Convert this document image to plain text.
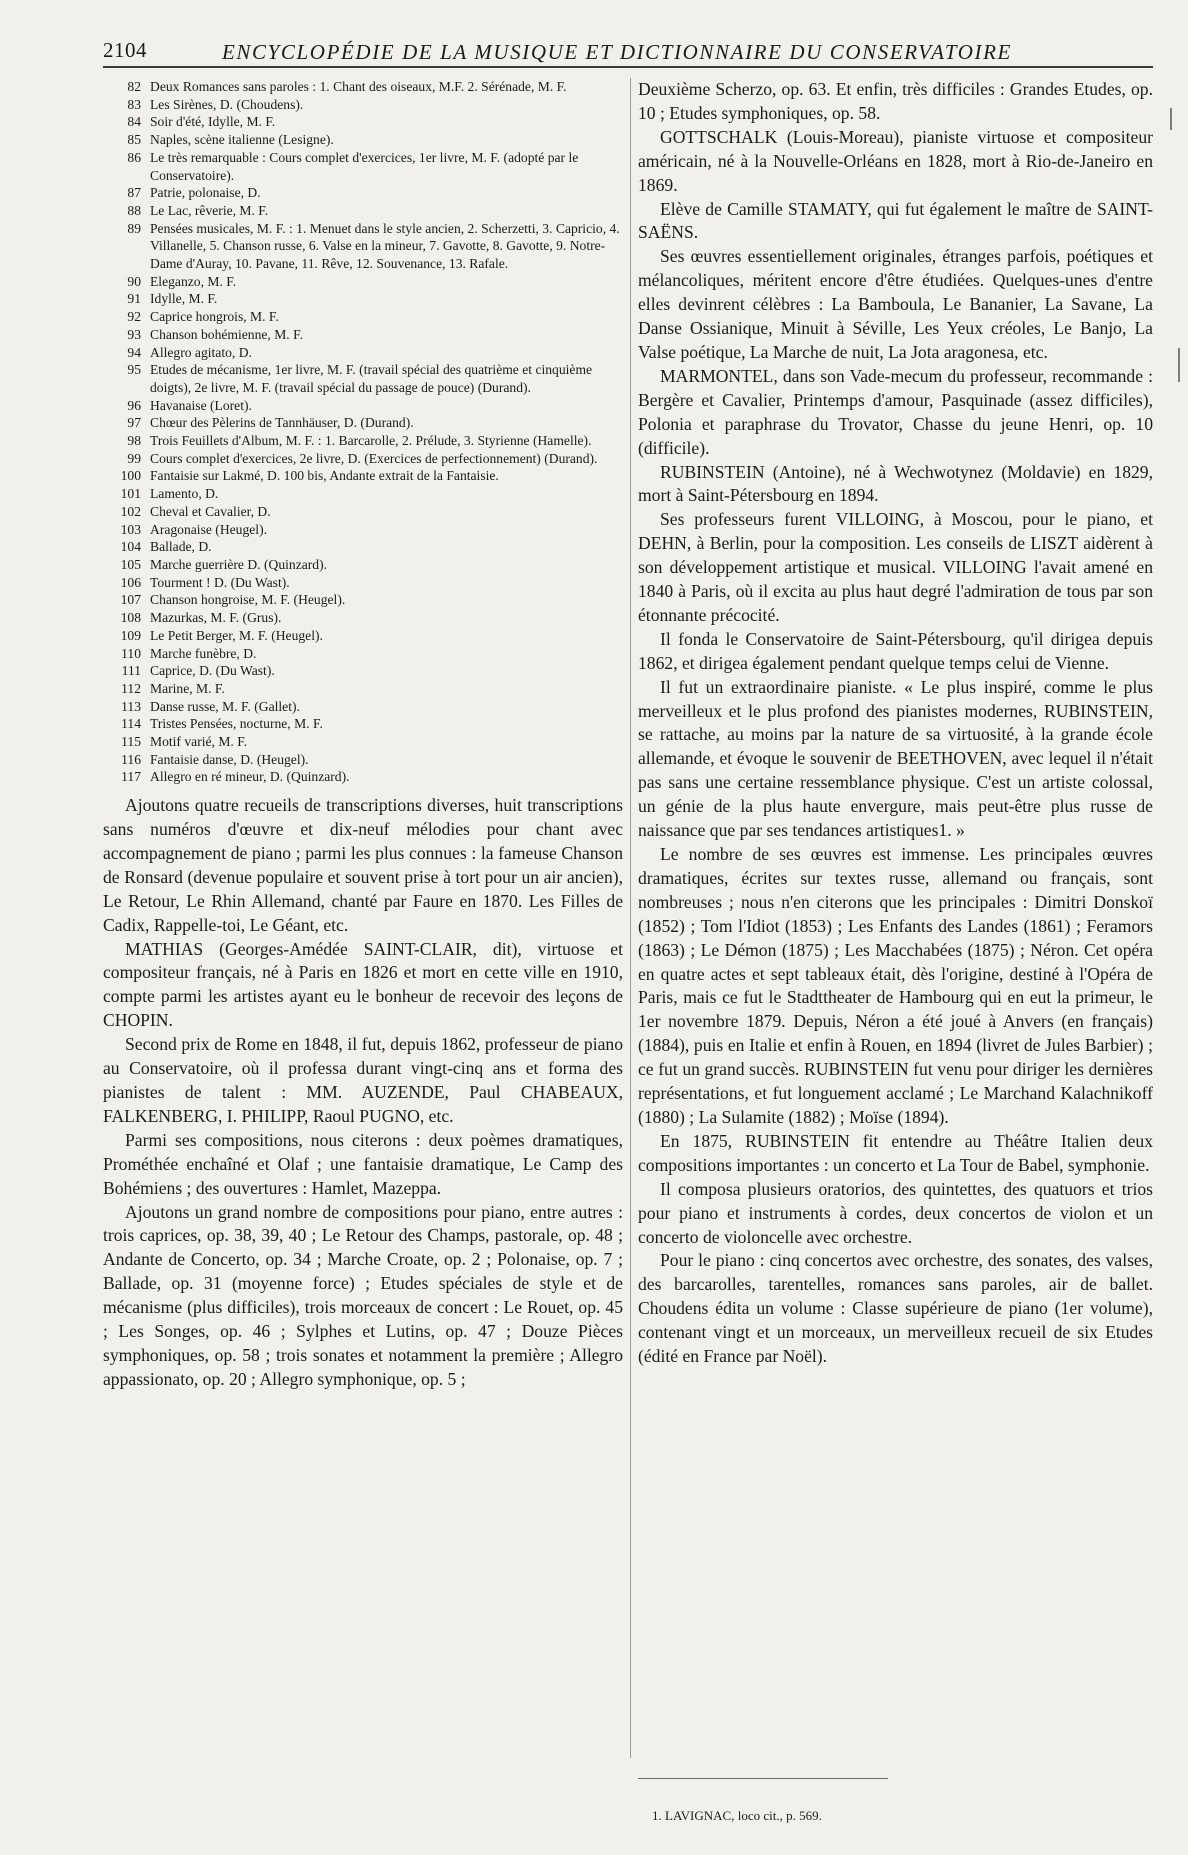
2104	ENCYCLOPÉDIE DE LA MUSIQUE ET DICTIONNAIRE DU CONSERVATOIRE
82 Deux Romances sans paroles : 1. Chant des oiseaux, M.F. 2. Sérénade, M. F.
83 Les Sirènes, D. (Choudens).
84 Soir d'été, Idylle, M. F.
85 Naples, scène italienne (Lesigne).
86 Le très remarquable : Cours complet d'exercices, 1er livre, M. F. (adopté par le Conservatoire).
87 Patrie, polonaise, D.
88 Le Lac, rêverie, M. F.
89 Pensées musicales, M. F. : 1. Menuet dans le style ancien, 2. Scherzetti, 3. Capricio, 4. Villanelle, 5. Chanson russe, 6. Valse en la mineur, 7. Gavotte, 8. Gavotte, 9. Notre-Dame d'Auray, 10. Pavane, 11. Rêve, 12. Souvenance, 13. Rafale.
90 Eleganzo, M. F.
91 Idylle, M. F.
92 Caprice hongrois, M. F.
93 Chanson bohémienne, M. F.
94 Allegro agitato, D.
95 Etudes de mécanisme, 1er livre, M. F. (travail spécial des quatrième et cinquième doigts), 2e livre, M. F. (travail spécial du passage de pouce) (Durand).
96 Havanaise (Loret).
97 Chœur des Pèlerins de Tannhäuser, D. (Durand).
98 Trois Feuillets d'Album, M. F. : 1. Barcarolle, 2. Prélude, 3. Styrienne (Hamelle).
99 Cours complet d'exercices, 2e livre, D. (Exercices de perfectionnement) (Durand).
100 Fantaisie sur Lakmé, D. 100 bis, Andante extrait de la Fantaisie.
101 Lamento, D.
102 Cheval et Cavalier, D.
103 Aragonaise (Heugel).
104 Ballade, D.
105 Marche guerrière D. (Quinzard).
106 Tourment ! D. (Du Wast).
107 Chanson hongroise, M. F. (Heugel).
108 Mazurkas, M. F. (Grus).
109 Le Petit Berger, M. F. (Heugel).
110 Marche funèbre, D.
111 Caprice, D. (Du Wast).
112 Marine, M. F.
113 Danse russe, M. F. (Gallet).
114 Tristes Pensées, nocturne, M. F.
115 Motif varié, M. F.
116 Fantaisie danse, D. (Heugel).
117 Allegro en ré mineur, D. (Quinzard).

Ajoutons quatre recueils de transcriptions diverses, huit transcriptions sans numéros d'œuvre et dix-neuf mélodies pour chant avec accompagnement de piano ; parmi les plus connues : la fameuse Chanson de Ronsard (devenue populaire et souvent prise à tort pour un air ancien), Le Retour, Le Rhin Allemand, chanté par Faure en 1870. Les Filles de Cadix, Rappelle-toi, Le Géant, etc.

MATHIAS (Georges-Amédée SAINT-CLAIR, dit), virtuose et compositeur français, né à Paris en 1826 et mort en cette ville en 1910, compte parmi les artistes ayant eu le bonheur de recevoir des leçons de CHOPIN.

Second prix de Rome en 1848, il fut, depuis 1862, professeur de piano au Conservatoire, où il professa durant vingt-cinq ans et forma des pianistes de talent : MM. AUZENDE, Paul CHABEAUX, FALKENBERG, I. PHILIPP, Raoul PUGNO, etc.

Parmi ses compositions, nous citerons : deux poèmes dramatiques, Prométhée enchaîné et Olaf ; une fantaisie dramatique, Le Camp des Bohémiens ; des ouvertures : Hamlet, Mazeppa.

Ajoutons un grand nombre de compositions pour piano, entre autres : trois caprices, op. 38, 39, 40 ; Le Retour des Champs, pastorale, op. 48 ; Andante de Concerto, op. 34 ; Marche Croate, op. 2 ; Polonaise, op. 7 ; Ballade, op. 31 (moyenne force) ; Etudes spéciales de style et de mécanisme (plus difficiles), trois morceaux de concert : Le Rouet, op. 45 ; Les Songes, op. 46 ; Sylphes et Lutins, op. 47 ; Douze Pièces symphoniques, op. 58 ; trois sonates et notamment la première ; Allegro appassionato, op. 20 ; Allegro symphonique, op. 5 ;

Deuxième Scherzo, op. 63. Et enfin, très difficiles : Grandes Etudes, op. 10 ; Etudes symphoniques, op. 58.

GOTTSCHALK (Louis-Moreau), pianiste virtuose et compositeur américain, né à la Nouvelle-Orléans en 1828, mort à Rio-de-Janeiro en 1869.

Elève de Camille STAMATY, qui fut également le maître de SAINT-SAËNS.

Ses œuvres essentiellement originales, étranges parfois, poétiques et mélancoliques, méritent encore d'être étudiées. Quelques-unes d'entre elles devinrent célèbres : La Bamboula, Le Bananier, La Savane, La Danse Ossianique, Minuit à Séville, Les Yeux créoles, Le Banjo, La Valse poétique, La Marche de nuit, La Jota aragonesa, etc.

MARMONTEL, dans son Vade-mecum du professeur, recommande : Bergère et Cavalier, Printemps d'amour, Pasquinade (assez difficiles), Polonia et paraphrase du Trovator, Chasse du jeune Henri, op. 10 (difficile).

RUBINSTEIN (Antoine), né à Wechwotynez (Moldavie) en 1829, mort à Saint-Pétersbourg en 1894.

Ses professeurs furent VILLOING, à Moscou, pour le piano, et DEHN, à Berlin, pour la composition. Les conseils de LISZT aidèrent à son développement artistique et musical. VILLOING l'avait amené en 1840 à Paris, où il excita au plus haut degré l'admiration de tous par son étonnante précocité.

Il fonda le Conservatoire de Saint-Pétersbourg, qu'il dirigea depuis 1862, et dirigea également pendant quelque temps celui de Vienne.

Il fut un extraordinaire pianiste. « Le plus inspiré, comme le plus merveilleux et le plus profond des pianistes modernes, RUBINSTEIN, se rattache, au moins par la nature de sa virtuosité, à la grande école allemande, et évoque le souvenir de BEETHOVEN, avec lequel il n'était pas sans une certaine ressemblance physique. C'est un artiste colossal, un génie de la plus haute envergure, mais peut-être plus russe de naissance que par ses tendances artistiques1. »

Le nombre de ses œuvres est immense. Les principales œuvres dramatiques, écrites sur textes russe, allemand ou français, sont nombreuses ; nous n'en citerons que les principales : Dimitri Donskoï (1852) ; Tom l'Idiot (1853) ; Les Enfants des Landes (1861) ; Feramors (1863) ; Le Démon (1875) ; Les Macchabées (1875) ; Néron. Cet opéra en quatre actes et sept tableaux était, dès l'origine, destiné à l'Opéra de Paris, mais ce fut le Stadttheater de Hambourg qui en eut la primeur, le 1er novembre 1879. Depuis, Néron a été joué à Anvers (en français) (1884), puis en Italie et enfin à Rouen, en 1894 (livret de Jules Barbier) ; ce fut un grand succès. RUBINSTEIN fut venu pour diriger les dernières représentations, et fut longuement acclamé ; Le Marchand Kalachnikoff (1880) ; La Sulamite (1882) ; Moïse (1894).

En 1875, RUBINSTEIN fit entendre au Théâtre Italien deux compositions importantes : un concerto et La Tour de Babel, symphonie.

Il composa plusieurs oratorios, des quintettes, des quatuors et trios pour piano et instruments à cordes, deux concertos de violon et un concerto de violoncelle avec orchestre.

Pour le piano : cinq concertos avec orchestre, des sonates, des valses, des barcarolles, tarentelles, romances sans paroles, air de ballet. Choudens édita un volume : Classe supérieure de piano (1er volume), contenant vingt et un morceaux, un merveilleux recueil de six Etudes (édité en France par Noël).

1. LAVIGNAC, loco cit., p. 569.
